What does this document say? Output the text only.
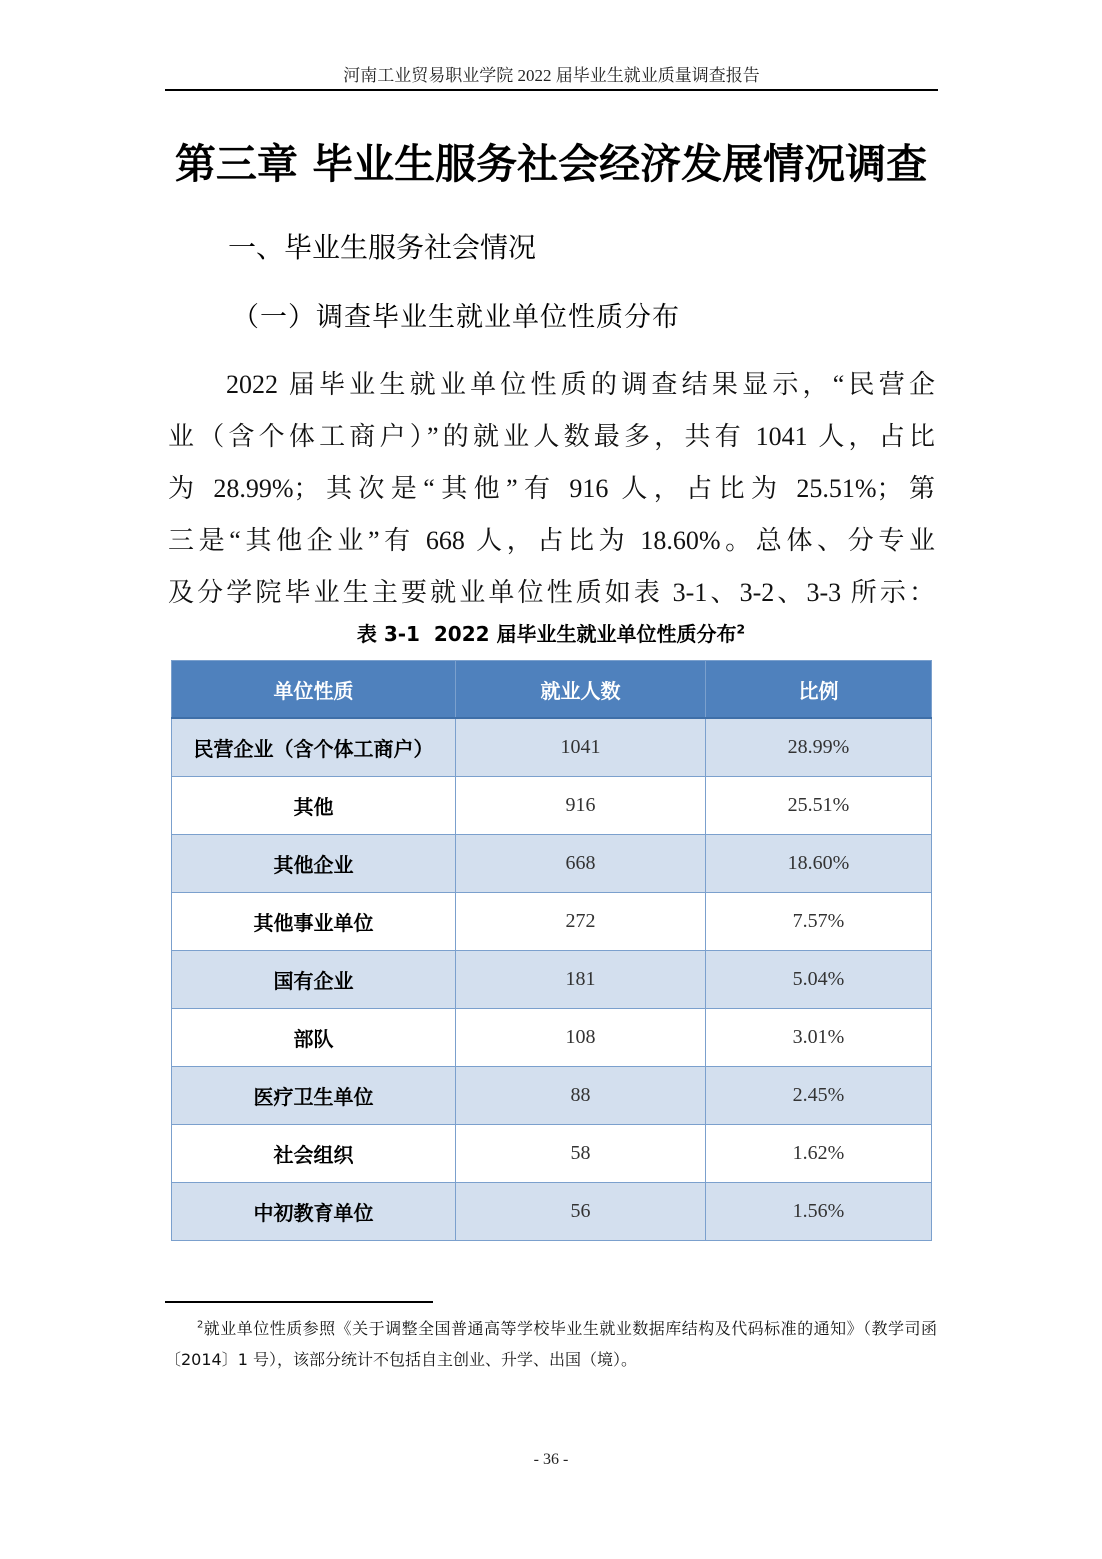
河南工业贸易职业学院 2022 届毕业生就业质量调查报告
第三章 毕业生服务社会经济发展情况调查
一、毕业生服务社会情况
（一）调查毕业生就业单位性质分布
2022 届毕业生就业单位性质的调查结果显示，“民营企
业（含个体工商户）”的就业人数最多，共有 1041 人，占比
为 28.99%；其次是“其他”有 916 人，占比为 25.51%；第
三是“其他企业”有 668 人，占比为 18.60%。总体、分专业
及分学院毕业生主要就业单位性质如表 3-1、3-2、3-3 所示：
表 3-1  2022 届毕业生就业单位性质分布$^2$
单位性质	就业人数	比例
民营企业（含个体工商户）	1041	28.99%
其他	916	25.51%
其他企业	668	18.60%
其他事业单位	272	7.57%
国有企业	181	5.04%
部队	108	3.01%
医疗卫生单位	88	2.45%
社会组织	58	1.62%
中初教育单位	56	1.56%
$^2$就业单位性质参照《关于调整全国普通高等学校毕业生就业数据库结构及代码标准的通知》（教学司函〔2014〕1 号），该部分统计不包括自主创业、升学、出国（境）。
- 36 -
